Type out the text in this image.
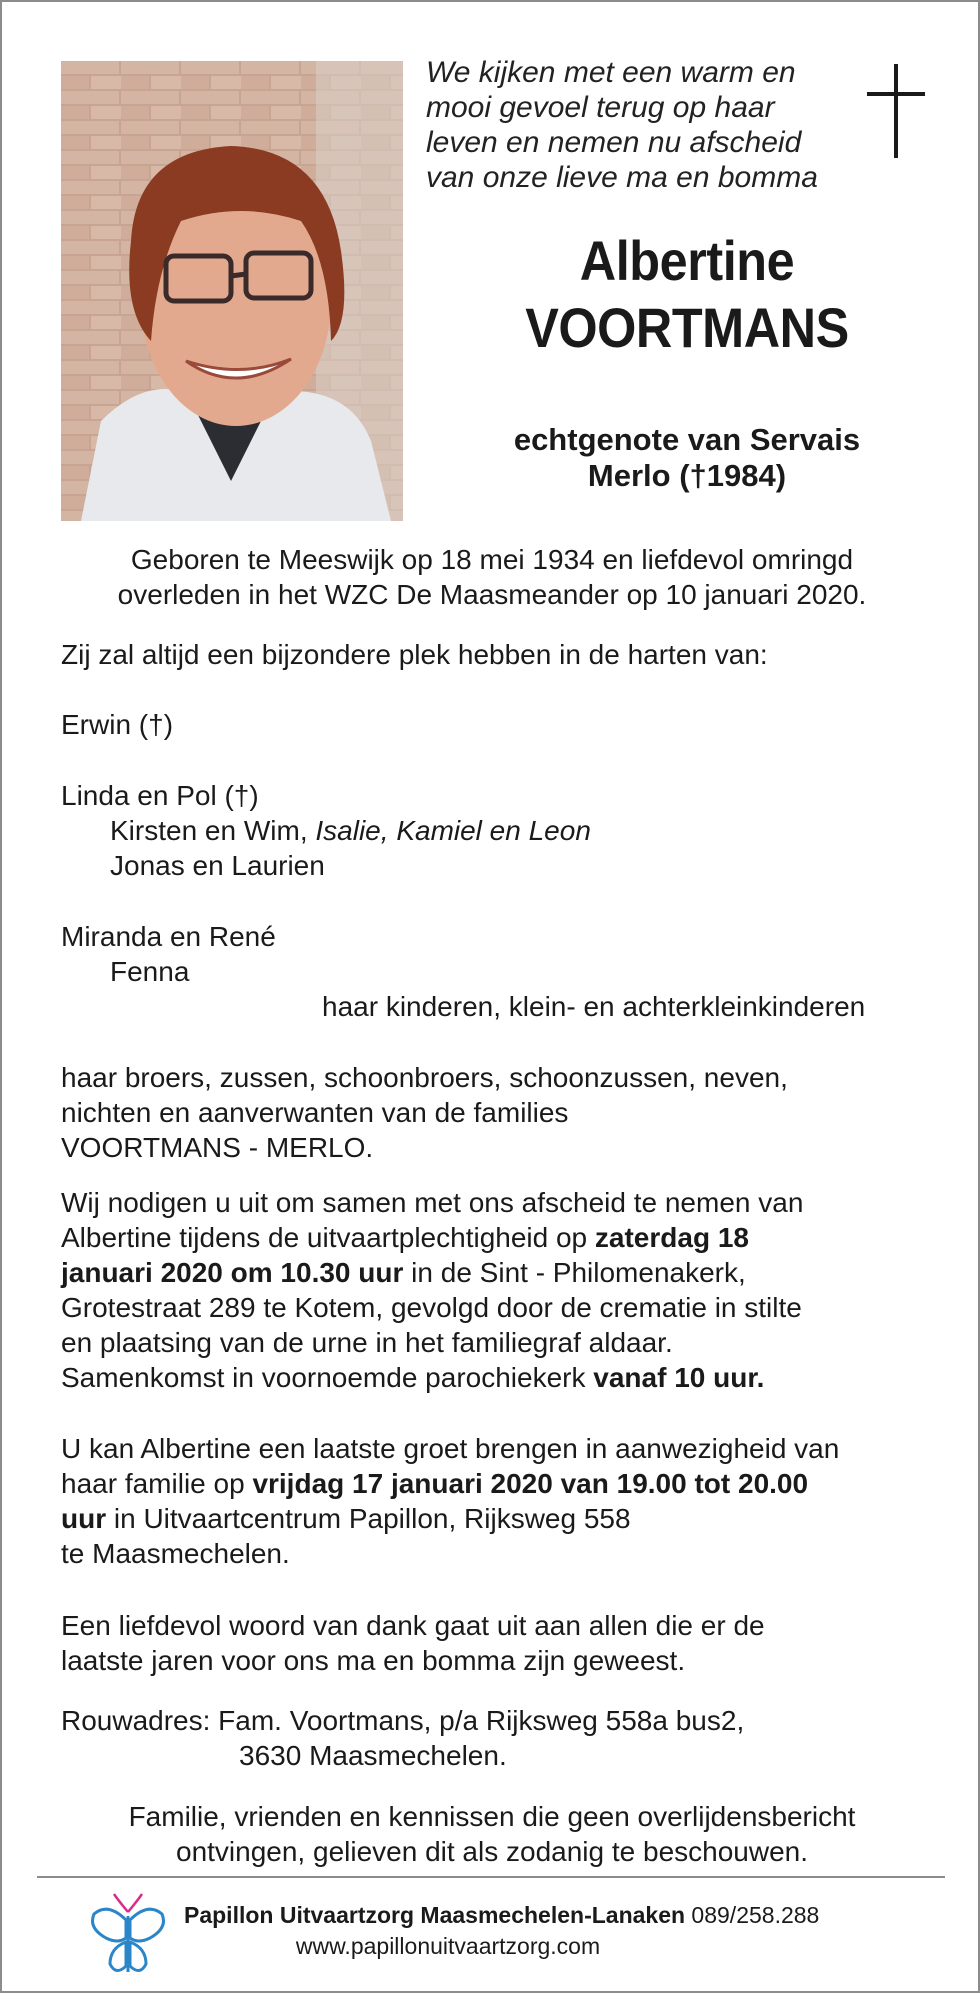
We kijken met een warm en
mooi gevoel terug op haar
leven en nemen nu afscheid
van onze lieve ma en bomma
Albertine
VOORTMANS
echtgenote van Servais
Merlo (†1984)
Geboren te Meeswijk op 18 mei 1934 en liefdevol omringd
overleden in het WZC De Maasmeander op 10 januari 2020.
Zij zal altijd een bijzondere plek hebben in de harten van:
Erwin (†)
Linda en Pol (†)
Kirsten en Wim, Isalie, Kamiel en Leon
Jonas en Laurien
Miranda en René
Fenna
haar kinderen, klein- en achterkleinkinderen
haar broers, zussen, schoonbroers, schoonzussen, neven,
nichten en aanverwanten van de families
VOORTMANS - MERLO.
Wij nodigen u uit om samen met ons afscheid te nemen van
Albertine tijdens de uitvaartplechtigheid op zaterdag 18
januari 2020 om 10.30 uur in de Sint - Philomenakerk,
Grotestraat 289 te Kotem, gevolgd door de crematie in stilte
en plaatsing van de urne in het familiegraf aldaar.
Samenkomst in voornoemde parochiekerk vanaf 10 uur.
U kan Albertine een laatste groet brengen in aanwezigheid van
haar familie op vrijdag 17 januari 2020 van 19.00 tot 20.00
uur in Uitvaartcentrum Papillon, Rijksweg 558
te Maasmechelen.
Een liefdevol woord van dank gaat uit aan allen die er de
laatste jaren voor ons ma en bomma zijn geweest.
Rouwadres: Fam. Voortmans, p/a Rijksweg 558a bus2,
3630 Maasmechelen.
Familie, vrienden en kennissen die geen overlijdensbericht
ontvingen, gelieven dit als zodanig te beschouwen.
Papillon Uitvaartzorg Maasmechelen-Lanaken 089/258.288
www.papillonuitvaartzorg.com
